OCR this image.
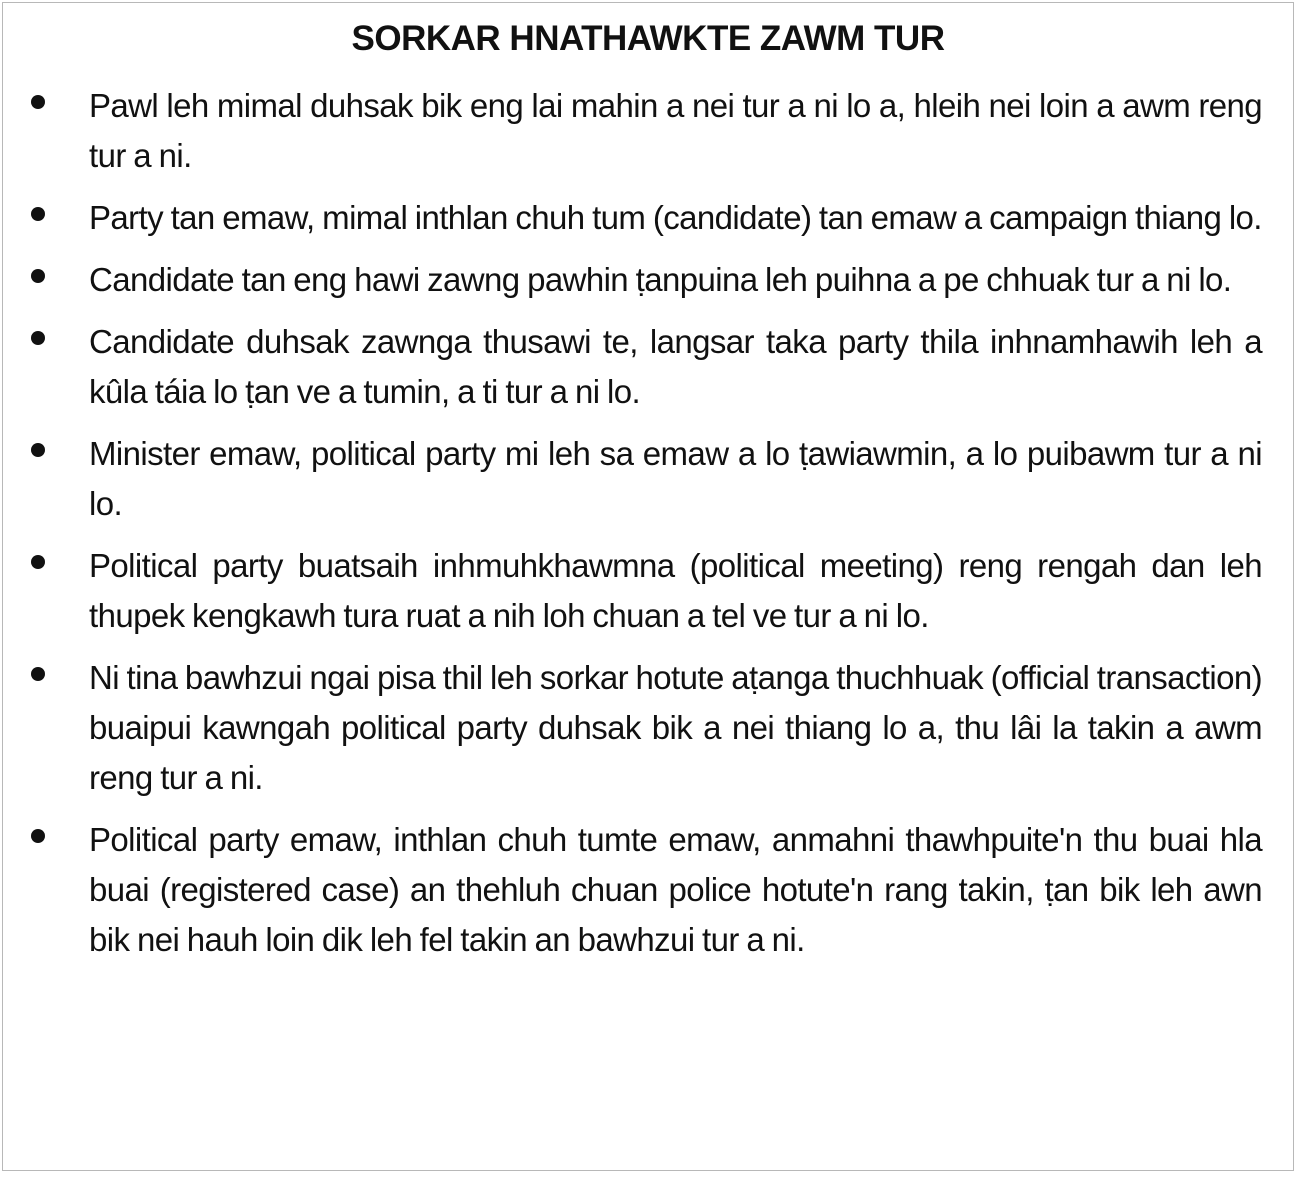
SORKAR HNATHAWKTE ZAWM TUR
Pawl leh mimal duhsak bik eng lai mahin a nei tur a ni lo a, hleih nei loin a awm reng tur a ni.
Party tan emaw, mimal inthlan chuh tum (candidate) tan emaw a campaign thiang lo.
Candidate tan eng hawi zawng pawhin ṭanpuina leh puihna a pe chhuak tur a ni lo.
Candidate duhsak zawnga thusawi te, langsar taka party thila inhnamhawih leh a kûla táia lo ṭan ve a tumin, a ti tur a ni lo.
Minister emaw, political party mi leh sa emaw a lo ṭawiawmin, a lo puibawm tur a ni lo.
Political party buatsaih inhmuhkhawmna (political meeting) reng rengah dan leh thupek kengkawh tura ruat a nih loh chuan a tel ve tur a ni lo.
Ni tina bawhzui ngai pisa thil leh sorkar hotute aṭanga thuchhuak (official transaction) buaipui kawngah political party duhsak bik a nei thiang lo a, thu lâi la takin a awm reng tur a ni.
Political party emaw, inthlan chuh tumte emaw, anmahni thawhpuite'n thu buai hla buai (registered case) an thehluh chuan police hotute'n rang takin, ṭan bik leh awn bik nei hauh loin dik leh fel takin an bawhzui tur a ni.
